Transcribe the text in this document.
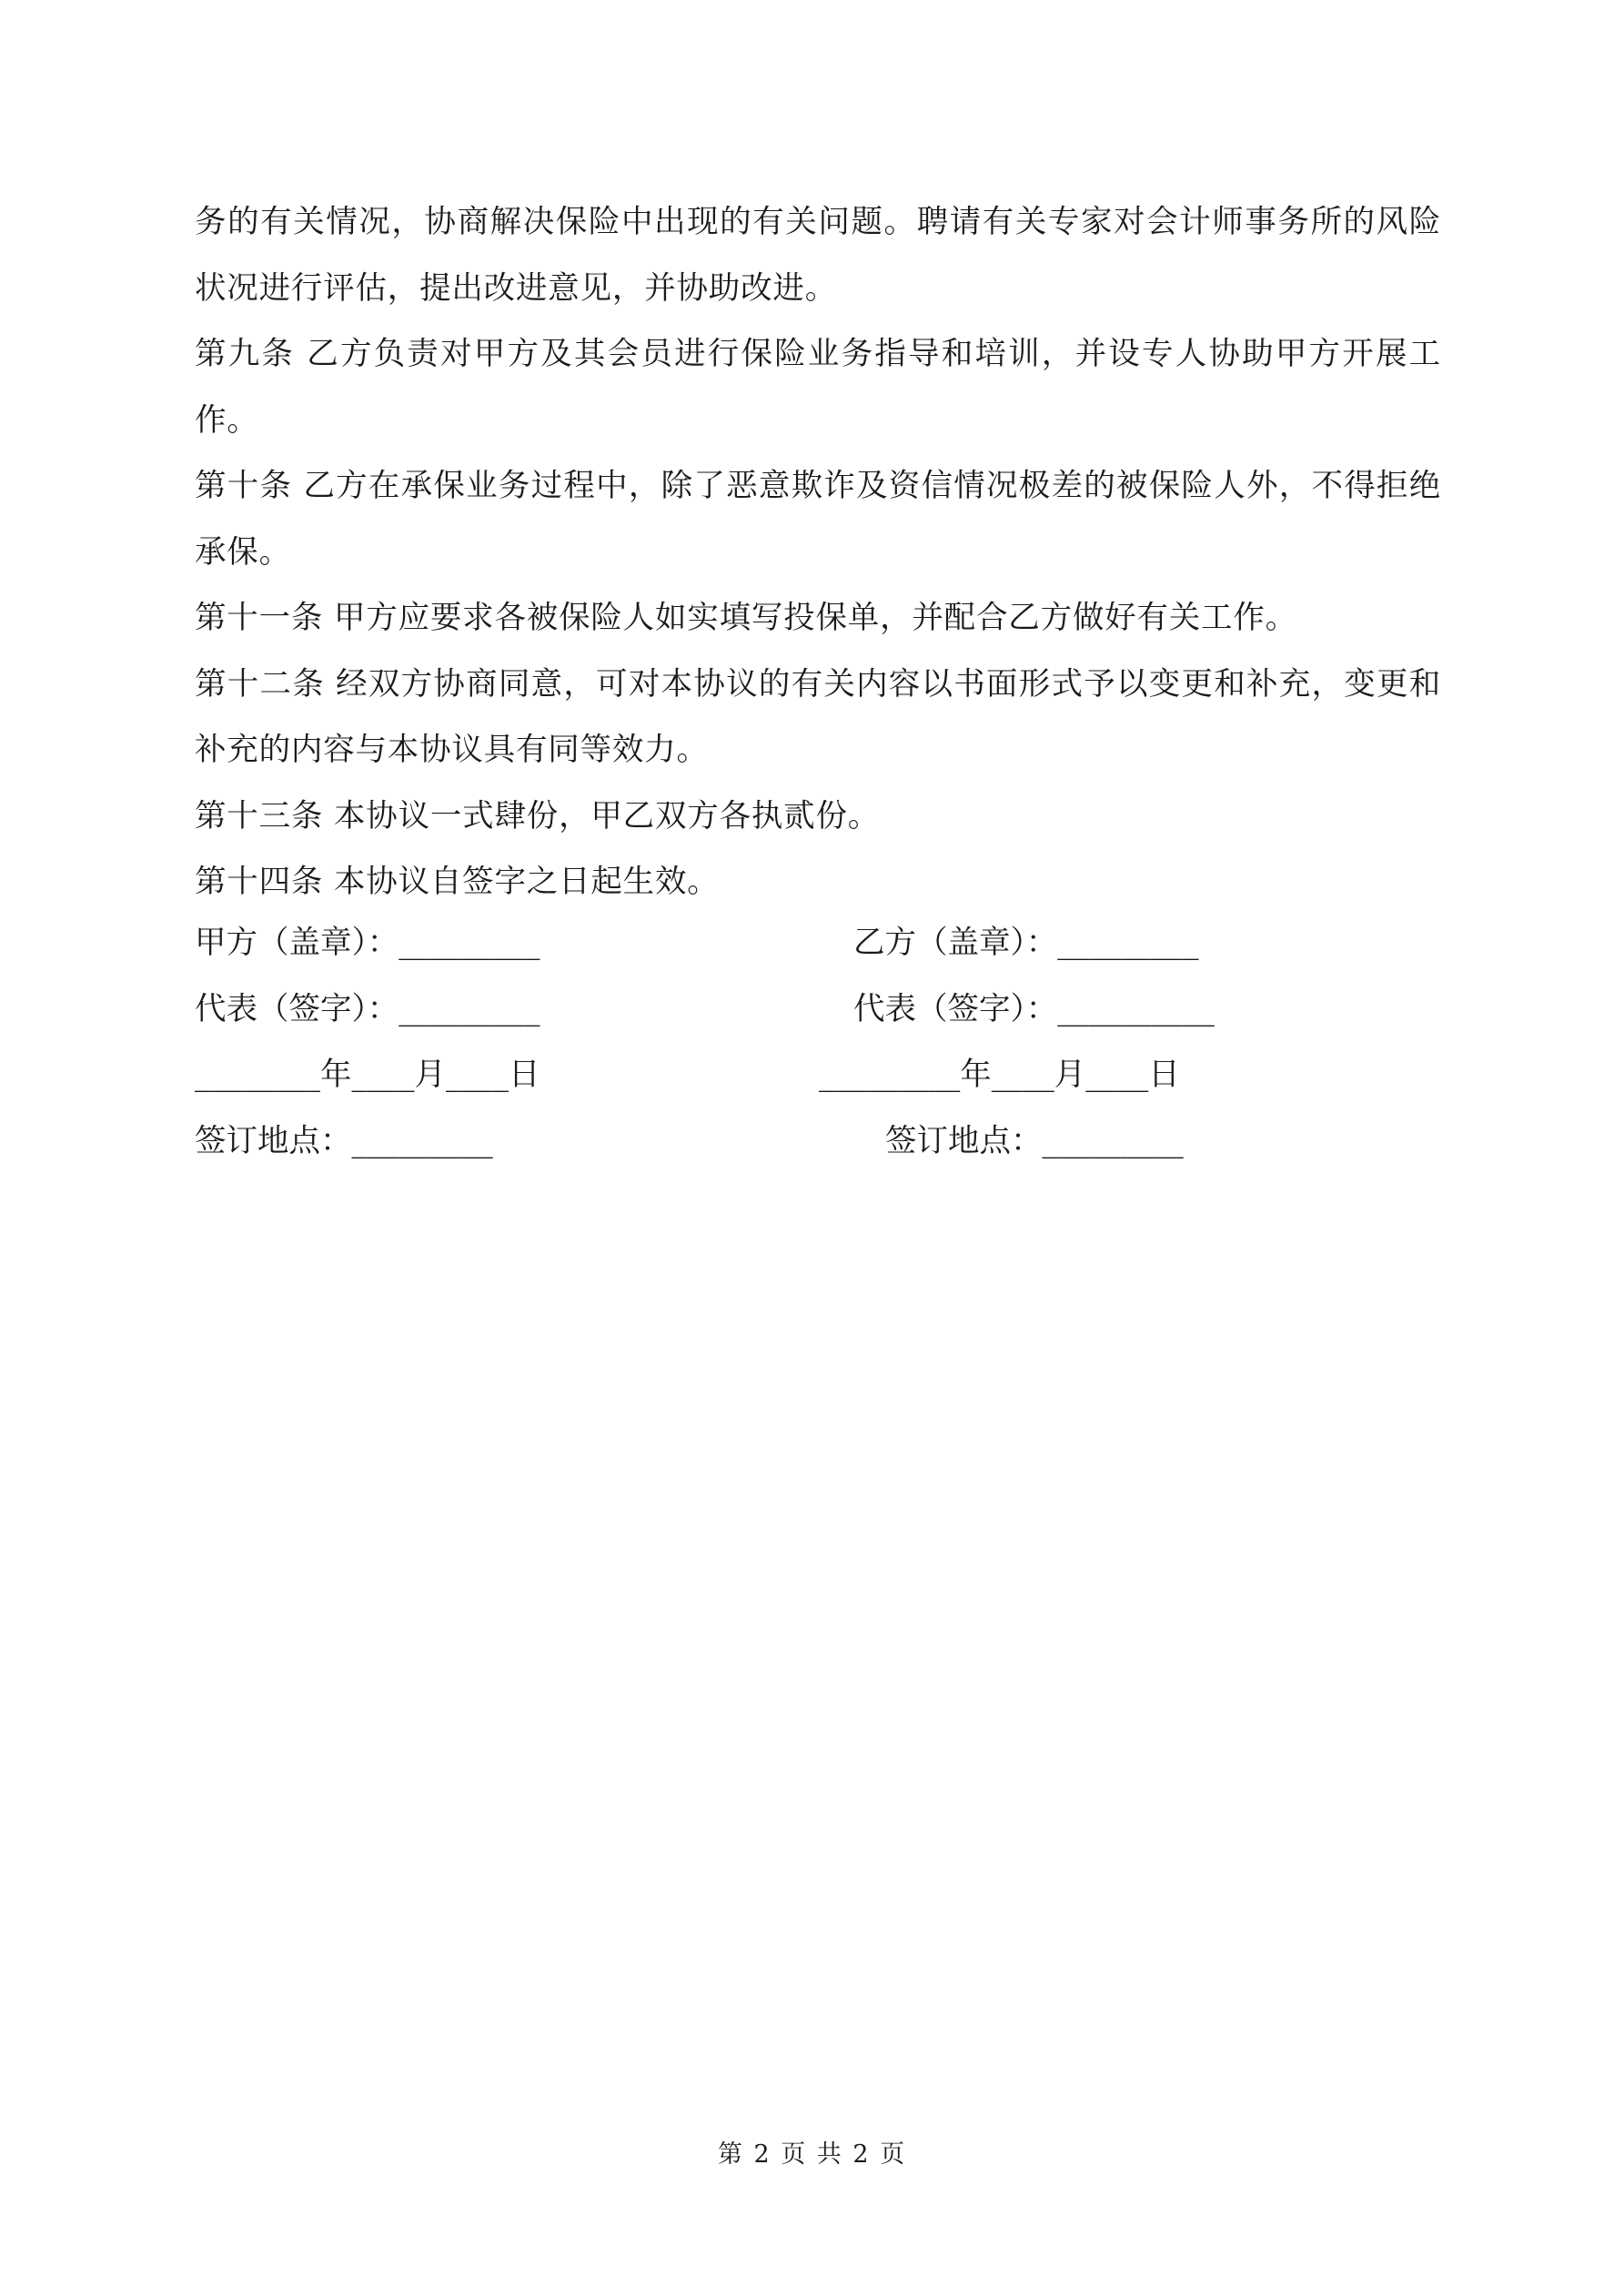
务的有关情况，协商解决保险中出现的有关问题。聘请有关专家对会计师事务所的风险状况进行评估，提出改进意见，并协助改进。

第九条 乙方负责对甲方及其会员进行保险业务指导和培训，并设专人协助甲方开展工作。

第十条 乙方在承保业务过程中，除了恶意欺诈及资信情况极差的被保险人外，不得拒绝承保。

第十一条 甲方应要求各被保险人如实填写投保单，并配合乙方做好有关工作。

第十二条 经双方协商同意，可对本协议的有关内容以书面形式予以变更和补充，变更和补充的内容与本协议具有同等效力。

第十三条 本协议一式肆份，甲乙双方各执贰份。

第十四条 本协议自签字之日起生效。

甲方（盖章）：_________	乙方（盖章）：_________
代表（签字）：_________	代表（签字）：__________
________年____月____日	_________年____月____日
签订地点：_________	签订地点：_________
第 2 页 共 2 页
